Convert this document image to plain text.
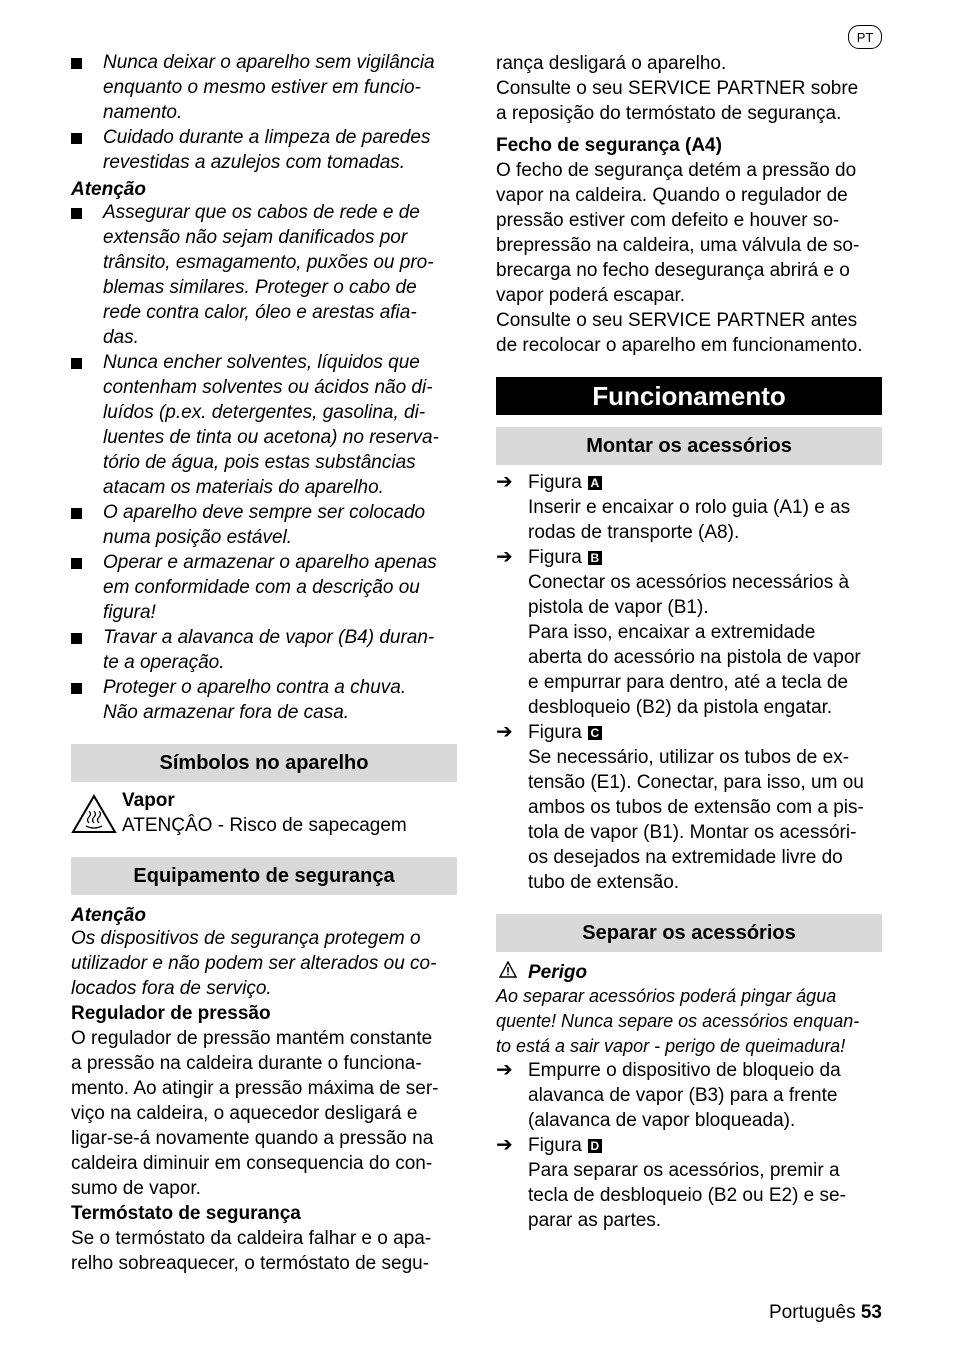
PT
Nunca deixar o aparelho sem vigilância
enquanto o mesmo estiver em funcio-
namento.
Cuidado durante a limpeza de paredes
revestidas a azulejos com tomadas.
Atenção
Assegurar que os cabos de rede e de
extensão não sejam danificados por
trânsito, esmagamento, puxões ou pro-
blemas similares. Proteger o cabo de
rede contra calor, óleo e arestas afia-
das.
Nunca encher solventes, líquidos que
contenham solventes ou ácidos não di-
luídos (p.ex. detergentes, gasolina, di-
luentes de tinta ou acetona) no reserva-
tório de água, pois estas substâncias
atacam os materiais do aparelho.
O aparelho deve sempre ser colocado
numa posição estável.
Operar e armazenar o aparelho apenas
em conformidade com a descrição ou
figura!
Travar a alavanca de vapor (B4) duran-
te a operação.
Proteger o aparelho contra a chuva.
Não armazenar fora de casa.
Símbolos no aparelho
Vapor
ATENÇÂO - Risco de sapecagem
Equipamento de segurança
Atenção
Os dispositivos de segurança protegem o
utilizador e não podem ser alterados ou co-
locados fora de serviço.
Regulador de pressão
O regulador de pressão mantém constante
a pressão na caldeira durante o funciona-
mento. Ao atingir a pressão máxima de ser-
viço na caldeira, o aquecedor desligará e
ligar-se-á novamente quando a pressão na
caldeira diminuir em consequencia do con-
sumo de vapor.
Termóstato de segurança
Se o termóstato da caldeira falhar e o apa-
relho sobreaquecer, o termóstato de segu-
rança desligará o aparelho.
Consulte o seu SERVICE PARTNER sobre
a reposição do termóstato de segurança.
Fecho de segurança (A4)
O fecho de segurança detém a pressão do
vapor na caldeira. Quando o regulador de
pressão estiver com defeito e houver so-
brepressão na caldeira, uma válvula de so-
brecarga no fecho desegurança abrirá e o
vapor poderá escapar.
Consulte o seu SERVICE PARTNER antes
de recolocar o aparelho em funcionamento.
Funcionamento
Montar os acessórios
➔ Figura A
Inserir e encaixar o rolo guia (A1) e as
rodas de transporte (A8).
➔ Figura B
Conectar os acessórios necessários à
pistola de vapor (B1).
Para isso, encaixar a extremidade
aberta do acessório na pistola de vapor
e empurrar para dentro, até a tecla de
desbloqueio (B2) da pistola engatar.
➔ Figura C
Se necessário, utilizar os tubos de ex-
tensão (E1). Conectar, para isso, um ou
ambos os tubos de extensão com a pis-
tola de vapor (B1). Montar os acessóri-
os desejados na extremidade livre do
tubo de extensão.
Separar os acessórios
Perigo
Ao separar acessórios poderá pingar água
quente! Nunca separe os acessórios enquan-
to está a sair vapor - perigo de queimadura!
➔ Empurre o dispositivo de bloqueio da
alavanca de vapor (B3) para a frente
(alavanca de vapor bloqueada).
➔ Figura D
Para separar os acessórios, premir a
tecla de desbloqueio (B2 ou E2) e se-
parar as partes.
Português 53
